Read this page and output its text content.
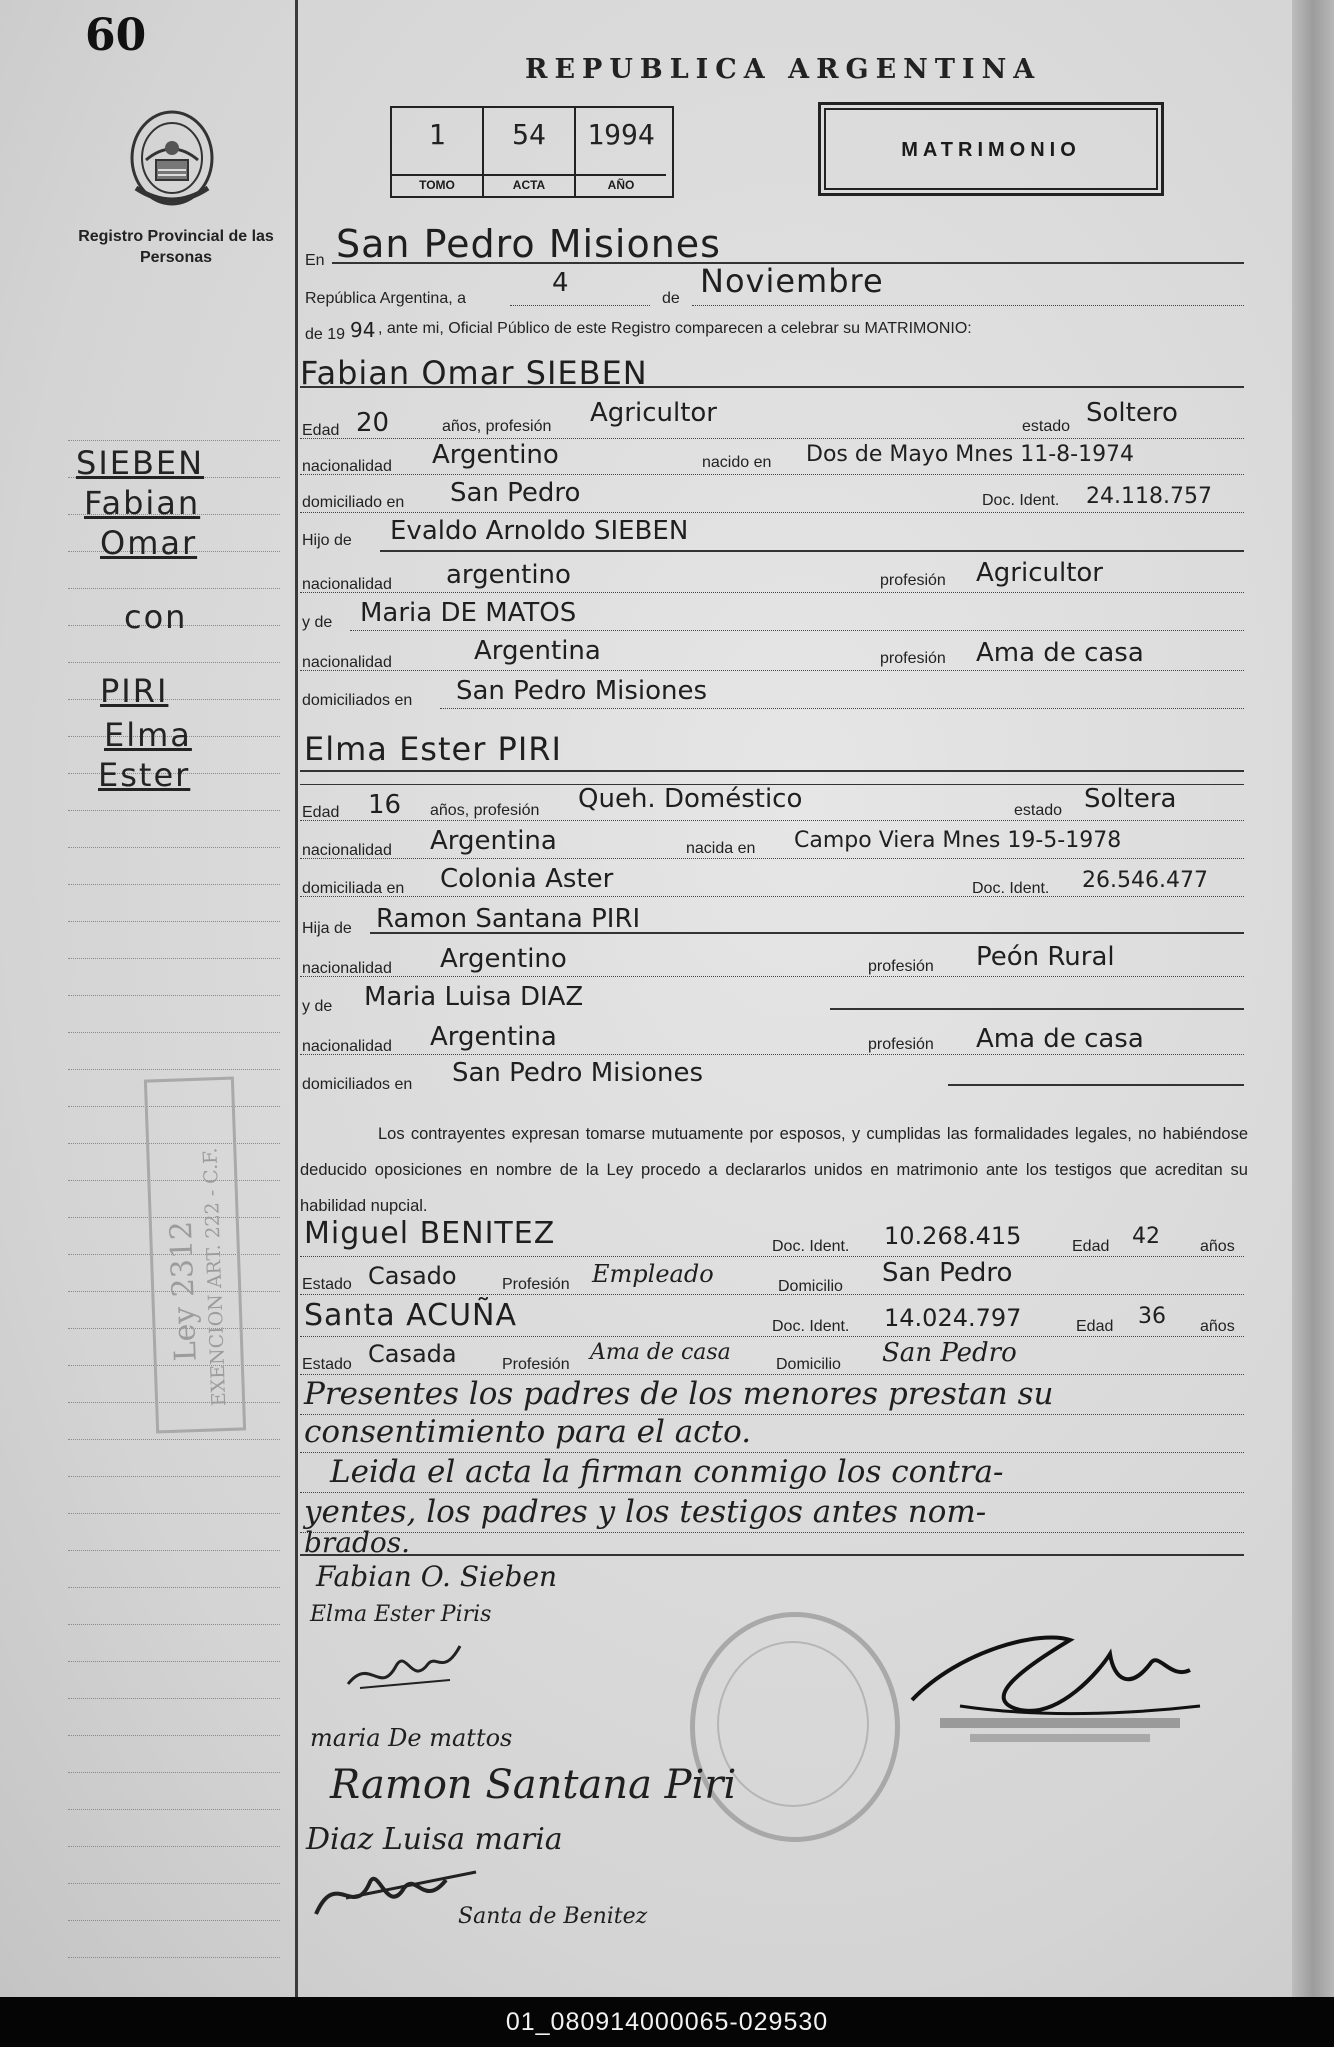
60
Registro Provincial de las Personas
SIEBEN
Fabian
Omar
con
PIRI
Elma
Ester
Ley 2312
EXENCION ART. 222 - C.F.
REPUBLICA ARGENTINA
1
TOMO
54
ACTA
1994
AÑO
MATRIMONIO
En San Pedro Misiones
República Argentina, a
4
de Noviembre
de 19 94 , ante mi, Oficial Público de este Registro comparecen a celebrar su MATRIMONIO:
Fabian Omar SIEBEN
Edad 20	años, profesión Agricultor	estado Soltero
nacionalidad Argentino	nacido en Dos de Mayo Mnes 11-8-1974
domiciliado en San Pedro	Doc. Ident. 24.118.757
Hijo de Evaldo Arnoldo SIEBEN
nacionalidad argentino	profesión Agricultor
y de Maria DE MATOS
nacionalidad	Argentina	profesión Ama de casa
domiciliados en San Pedro Misiones
Elma Ester PIRI
Edad 16 años, profesión Queh. Doméstico	estado Soltera
nacionalidad Argentina	nacida en Campo Viera Mnes 19-5-1978
domiciliada en Colonia Aster	Doc. Ident. 26.546.477
Hija de Ramon Santana PIRI
nacionalidad Argentino	profesión Peón Rural
y de Maria Luisa DIAZ
nacionalidad Argentina	profesión Ama de casa
domiciliados en San Pedro Misiones
Los contrayentes expresan tomarse mutuamente por esposos, y cumplidas las formalidades legales, no habiéndose deducido oposiciones en nombre de la Ley procedo a declararlos unidos en matrimonio ante los testigos que acreditan su habilidad nupcial.
Miguel BENITEZ	Doc. Ident. 10.268.415	Edad 42	años
Estado Casado	Profesión Empleado	Domicilio San Pedro
Santa ACUÑA	Doc. Ident. 14.024.797	Edad 36 años
Estado Casada	Profesión Ama de casa	Domicilio San Pedro
Presentes los padres de los menores prestan su
consentimiento para el acto.
Leida el acta la firman conmigo los contra-
yentes, los padres y los testigos antes nom-
brados.
Fabian O. Sieben
Elma Ester Piris
maria De mattos
Ramon Santana Piri
Diaz Luisa maria
Santa de Benitez
01_080914000065-029530
